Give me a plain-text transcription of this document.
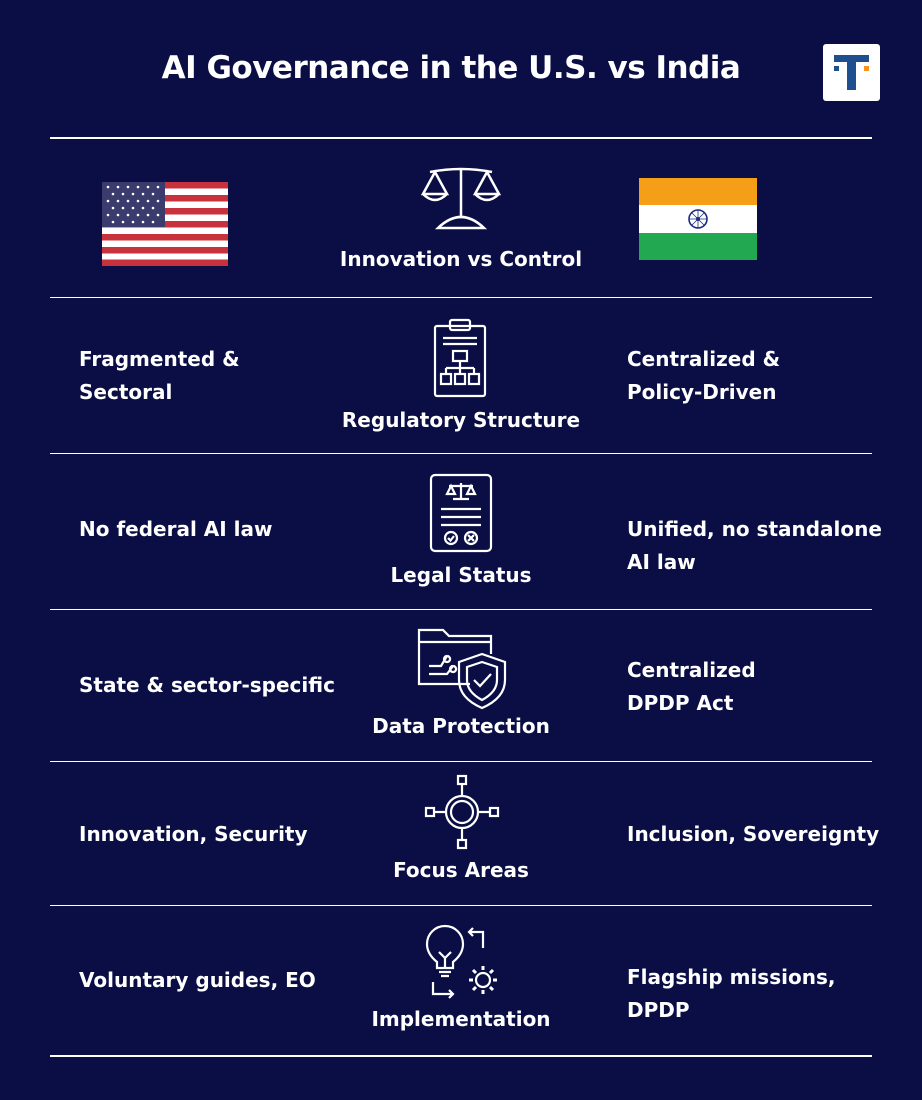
AI Governance in the U.S. vs India
Innovation vs Control
Fragmented &
Sectoral
Regulatory Structure
Centralized &
Policy-Driven
No federal AI law
Legal Status
Unified, no standalone
AI law
State & sector-specific
Data Protection
Centralized
DPDP Act
Innovation, Security
Focus Areas
Inclusion, Sovereignty
Voluntary guides, EO
Implementation
Flagship missions,
DPDP
